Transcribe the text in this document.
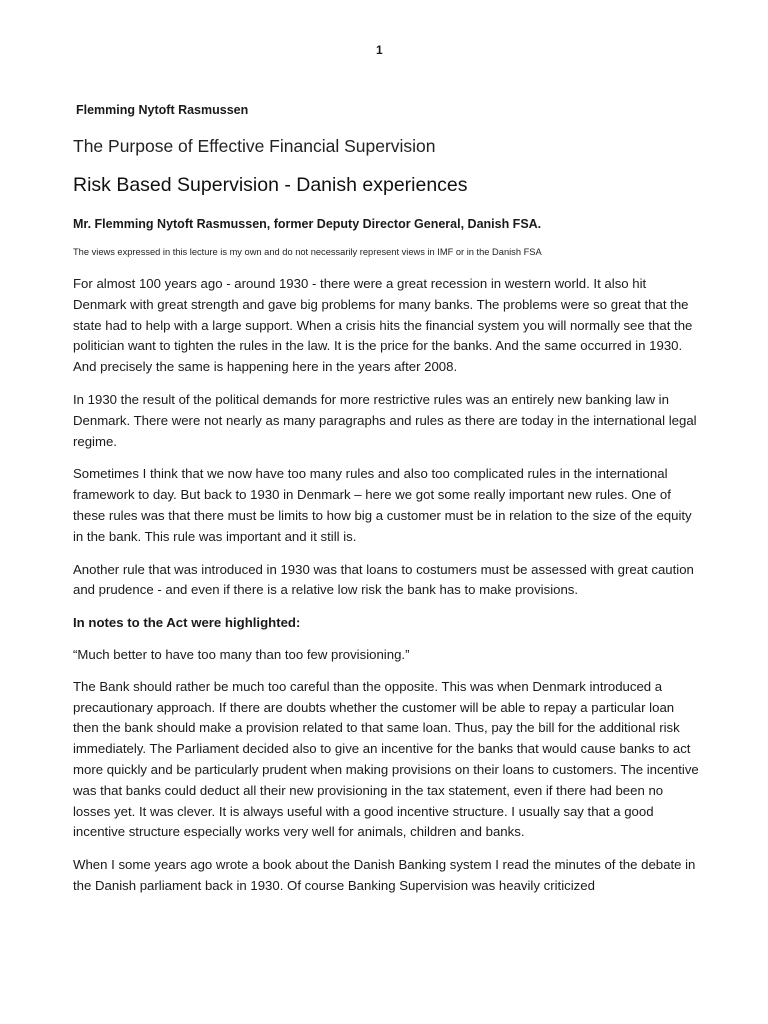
1
Flemming Nytoft Rasmussen
The Purpose of Effective Financial Supervision
Risk Based Supervision - Danish experiences
Mr. Flemming Nytoft Rasmussen, former Deputy Director General, Danish FSA.
The views expressed in this lecture is my own and do not necessarily represent views in IMF or in the Danish FSA

For almost 100 years ago - around 1930 - there were a great recession in western world. It also hit Denmark with great strength and gave big problems for many banks. The problems were so great that the state had to help with a large support. When a crisis hits the financial system you will normally see that the politician want to tighten the rules in the law. It is the price for the banks. And the same occurred in 1930. And precisely the same is happening here in the years after 2008.

In 1930 the result of the political demands for more restrictive rules was an entirely new banking law in Denmark. There were not nearly as many paragraphs and rules as there are today in the international legal regime.

Sometimes I think that we now have too many rules and also too complicated rules in the international framework to day. But back to 1930 in Denmark – here we got some really important new rules. One of these rules was that there must be limits to how big a customer must be in relation to the size of the equity in the bank. This rule was important and it still is.

Another rule that was introduced in 1930 was that loans to costumers must be assessed with great caution and prudence - and even if there is a relative low risk the bank has to make provisions.

In notes to the Act were highlighted:

“Much better to have too many than too few provisioning.”

The Bank should rather be much too careful than the opposite. This was when Denmark introduced a precautionary approach. If there are doubts whether the customer will be able to repay a particular loan then the bank should make a provision related to that same loan. Thus, pay the bill for the additional risk immediately. The Parliament decided also to give an incentive for the banks that would cause banks to act more quickly and be particularly prudent when making provisions on their loans to customers. The incentive was that banks could deduct all their new provisioning in the tax statement, even if there had been no losses yet. It was clever. It is always useful with a good incentive structure. I usually say that a good incentive structure especially works very well for animals, children and banks.

When I some years ago wrote a book about the Danish Banking system I read the minutes of the debate in the Danish parliament back in 1930. Of course Banking Supervision was heavily criticized
